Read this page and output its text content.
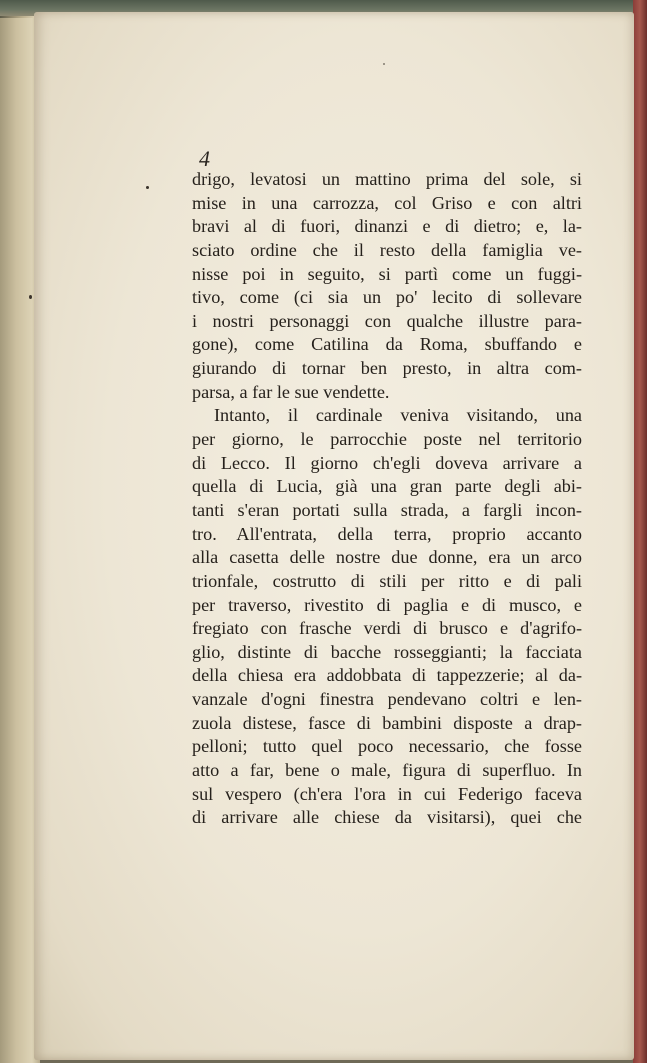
4
drigo, levatosi un mattino prima del sole, si
mise in una carrozza, col Griso e con altri
bravi al di fuori, dinanzi e di dietro; e, la-
sciato ordine che il resto della famiglia ve-
nisse poi in seguito, si partì come un fuggi-
tivo, come (ci sia un po' lecito di sollevare
i nostri personaggi con qualche illustre para-
gone), come Catilina da Roma, sbuffando e
giurando di tornar ben presto, in altra com-
parsa, a far le sue vendette.
Intanto, il cardinale veniva visitando, una
per giorno, le parrocchie poste nel territorio
di Lecco. Il giorno ch'egli doveva arrivare a
quella di Lucia, già una gran parte degli abi-
tanti s'eran portati sulla strada, a fargli incon-
tro. All'entrata, della terra, proprio accanto
alla casetta delle nostre due donne, era un arco
trionfale, costrutto di stili per ritto e di pali
per traverso, rivestito di paglia e di musco, e
fregiato con frasche verdi di brusco e d'agrifo-
glio, distinte di bacche rosseggianti; la facciata
della chiesa era addobbata di tappezzerie; al da-
vanzale d'ogni finestra pendevano coltri e len-
zuola distese, fasce di bambini disposte a drap-
pelloni; tutto quel poco necessario, che fosse
atto a far, bene o male, figura di superfluo. In
sul vespero (ch'era l'ora in cui Federigo faceva
di arrivare alle chiese da visitarsi), quei che
